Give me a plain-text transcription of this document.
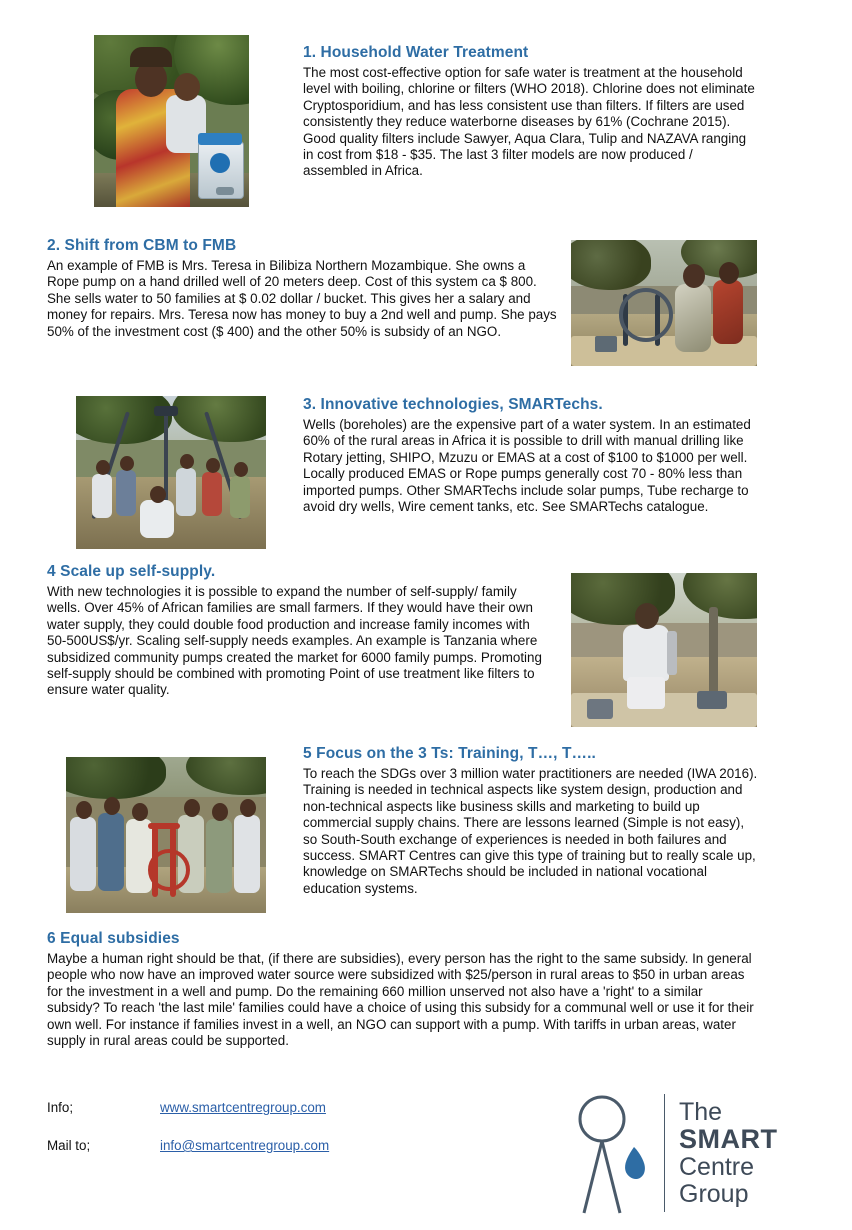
1. Household Water Treatment

The most cost-effective option for safe water is treatment at the household level with boiling, chlorine or filters (WHO 2018). Chlorine does not eliminate Cryptosporidium, and has less consistent use than filters. If filters are used consistently they reduce waterborne diseases by 61% (Cochrane 2015).

Good quality filters include Sawyer, Aqua Clara, Tulip and NAZAVA ranging in cost from $18 - $35. The last 3 filter models are now produced / assembled in Africa.

2. Shift from CBM to FMB

An example of FMB is Mrs. Teresa in Bilibiza Northern Mozambique. She owns a Rope pump on a hand drilled well of 20 meters deep. Cost of this system ca $ 800.

She sells water to 50 families at $ 0.02 dollar / bucket. This gives her a salary and money for repairs. Mrs. Teresa now has money to buy a 2nd well and pump. She pays 50% of the investment cost ($ 400) and the other 50% is subsidy of an NGO.

3. Innovative technologies, SMARTechs.

Wells (boreholes) are the expensive part of a water system. In an estimated 60% of the rural areas in Africa it is possible to drill with manual drilling like Rotary jetting, SHIPO, Mzuzu or EMAS at a cost of $100 to $1000 per well. Locally produced EMAS or Rope pumps generally cost 70 - 80% less than imported pumps. Other SMARTechs include solar pumps, Tube recharge to avoid dry wells, Wire cement tanks, etc. See SMARTechs catalogue.

4 Scale up self-supply.

With new technologies it is possible to expand the number of self-supply/ family wells. Over 45% of African families are small farmers. If they would have their own water supply, they could double food production and increase family incomes with 50-500US$/yr. Scaling self-supply needs examples. An example is Tanzania where subsidized community pumps created the market for 6000 family pumps. Promoting self-supply should be combined with promoting Point of use treatment like filters to ensure water quality.

5 Focus on the 3 Ts: Training, T…, T…..

To reach the SDGs over 3 million water practitioners are needed (IWA 2016). Training is needed in technical aspects like system design, production and non-technical aspects like business skills and marketing to build up commercial supply chains. There are lessons learned (Simple is not easy), so South-South exchange of experiences is needed in both failures and success. SMART Centres can give this type of training but to really scale up, knowledge on SMARTechs should be included in national vocational education systems.

6 Equal subsidies

Maybe a human right should be that, (if there are subsidies), every person has the right to the same subsidy. In general people who now have an improved water source were subsidized with $25/person in rural areas to $50 in urban areas for the investment in a well and pump. Do the remaining 660 million unserved not also have a 'right' to a similar subsidy? To reach 'the last mile' families could have a choice of using this subsidy for a communal well or use it for their own well. For instance if families invest in a well, an NGO can support with a pump. With tariffs in urban areas, water supply in rural areas could be supported.

Info;	www.smartcentregroup.com
Mail to;	info@smartcentregroup.com
The
SMART
Centre
Group
